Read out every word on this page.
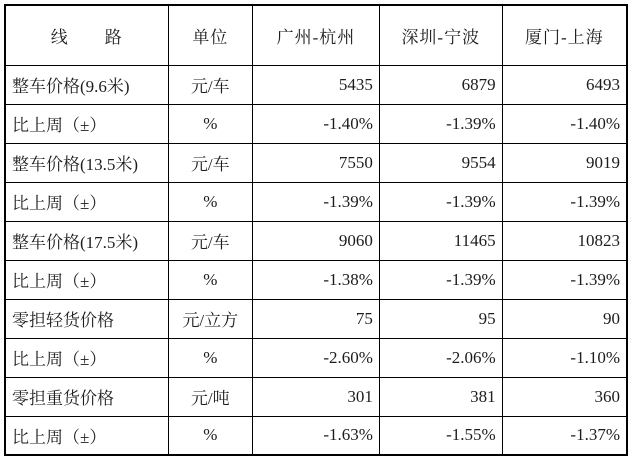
线　　路	单位	广州-杭州	深圳-宁波	厦门-上海
整车价格(9.6米)	元/车	5435	6879	6493
比上周（±）	%	-1.40%	-1.39%	-1.40%
整车价格(13.5米)	元/车	7550	9554	9019
比上周（±）	%	-1.39%	-1.39%	-1.39%
整车价格(17.5米)	元/车	9060	11465	10823
比上周（±）	%	-1.38%	-1.39%	-1.39%
零担轻货价格	元/立方	75	95	90
比上周（±）	%	-2.60%	-2.06%	-1.10%
零担重货价格	元/吨	301	381	360
比上周（±）	%	-1.63%	-1.55%	-1.37%
